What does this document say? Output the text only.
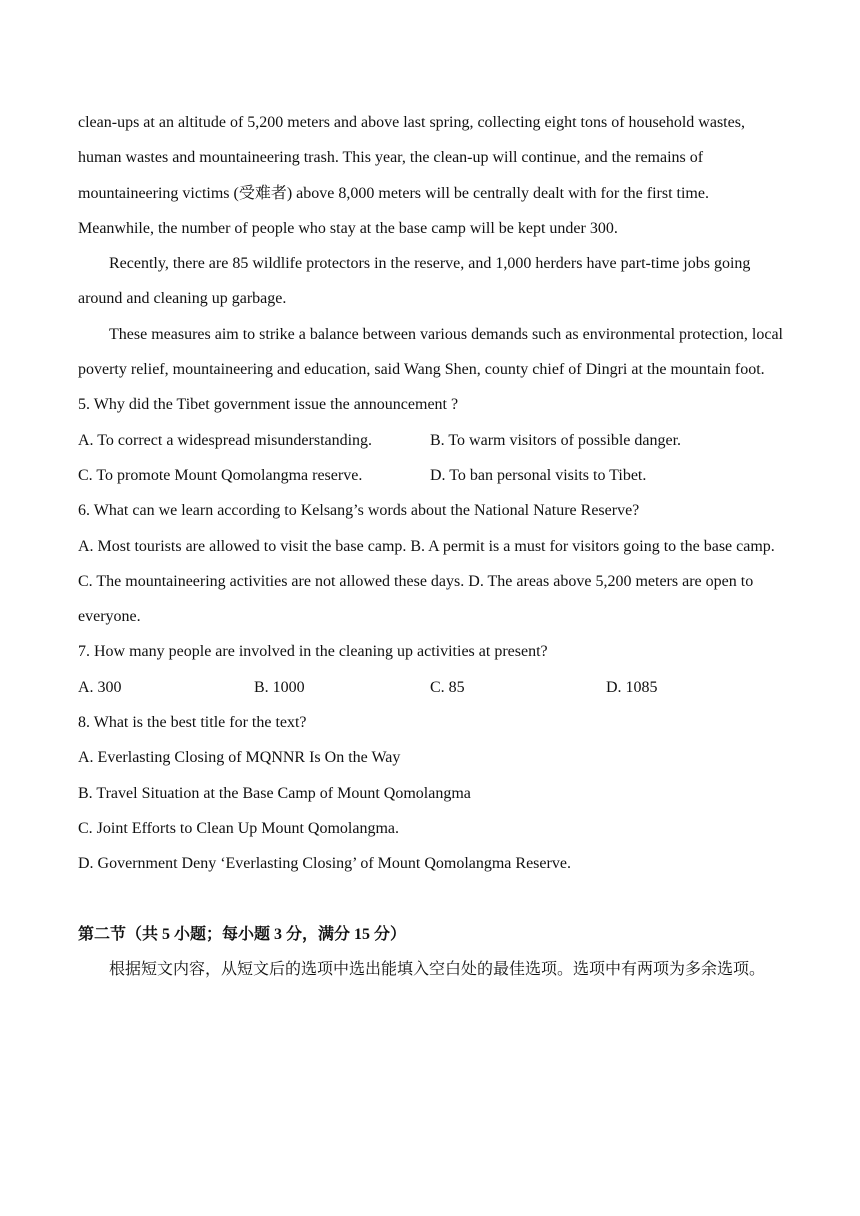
clean-ups at an altitude of 5,200 meters and above last spring, collecting eight tons of household wastes, human wastes and mountaineering trash. This year, the clean-up will continue, and the remains of mountaineering victims (受难者) above 8,000 meters will be centrally dealt with for the first time. Meanwhile, the number of people who stay at the base camp will be kept under 300.

Recently, there are 85 wildlife protectors in the reserve, and 1,000 herders have part-time jobs going around and cleaning up garbage.

These measures aim to strike a balance between various demands such as environmental protection, local poverty relief, mountaineering and education, said Wang Shen, county chief of Dingri at the mountain foot.

5. Why did the Tibet government issue the announcement ?

A. To correct a widespread misunderstanding.	B. To warm visitors of possible danger.
C. To promote Mount Qomolangma reserve.	D. To ban personal visits to Tibet.

6. What can we learn according to Kelsang’s words about the National Nature Reserve?

A. Most tourists are allowed to visit the base camp. B. A permit is a must for visitors going to the base camp.

C. The mountaineering activities are not allowed these days. D. The areas above 5,200 meters are open to everyone.

7. How many people are involved in the cleaning up activities at present?

A. 300	B. 1000	C. 85	D. 1085

8. What is the best title for the text?

A. Everlasting Closing of MQNNR Is On the Way

B. Travel Situation at the Base Camp of Mount Qomolangma

C. Joint Efforts to Clean Up Mount Qomolangma.

D. Government Deny ‘Everlasting Closing’ of Mount Qomolangma Reserve.

第二节（共 5 小题；每小题 3 分，满分 15 分）

根据短文内容，从短文后的选项中选出能填入空白处的最佳选项。选项中有两项为多余选项。
